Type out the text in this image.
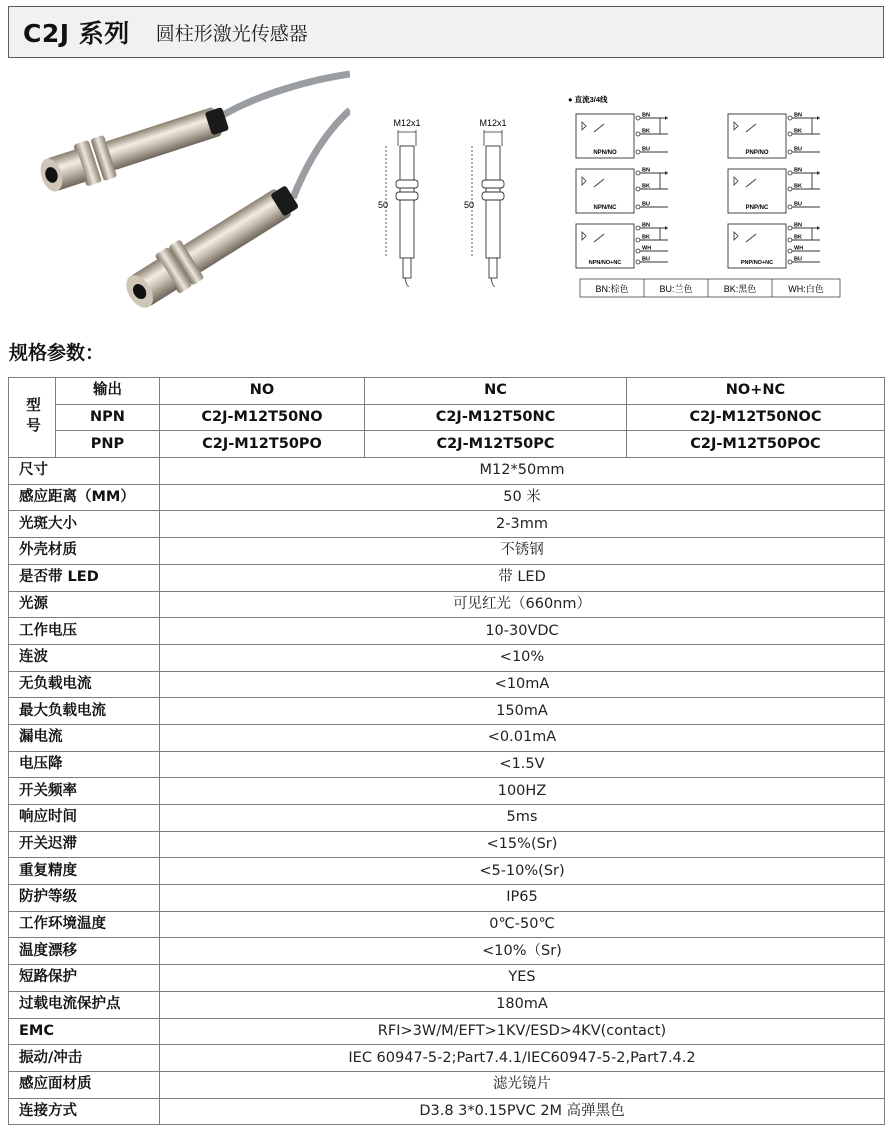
C2J 系列 圆柱形激光传感器
M12x1
50
M12x1
50
● 直流3/4线
NPN/NO
BN
BK
BU
PNP/NO
BN
BK
BU
NPN/NC
BN
BK
BU
PNP/NC
BN
BK
BU
NPN/NO+NC
BN
BK
WH
BU
PNP/NO+NC
BN
BK
WH
BU
BN:棕色	BU:兰色	BK:黑色	WH:白色
规格参数：
型号	输出	NO	NC	NO+NC
	NPN	C2J-M12T50NO	C2J-M12T50NC	C2J-M12T50NOC
	PNP	C2J-M12T50PO	C2J-M12T50PC	C2J-M12T50POC
尺寸		M12*50mm		
感应距离（MM）		50 米		
光斑大小		2-3mm		
外壳材质		不锈钢		
是否带 LED		带 LED		
光源		可见红光（660nm）		
工作电压		10-30VDC		
连波		<10%		
无负载电流		<10mA		
最大负载电流		150mA		
漏电流		<0.01mA		
电压降		<1.5V		
开关频率		100HZ		
响应时间		5ms		
开关迟滞		<15%(Sr)		
重复精度		<5-10%(Sr)		
防护等级		IP65		
工作环境温度		0℃-50℃		
温度漂移		<10%（Sr)		
短路保护		YES		
过载电流保护点		180mA		
EMC		RFI>3W/M/EFT>1KV/ESD>4KV(contact)		
振动/冲击		IEC 60947-5-2;Part7.4.1/IEC60947-5-2,Part7.4.2		
感应面材质		滤光镜片		
连接方式		D3.8 3*0.15PVC 2M 高弹黑色		
